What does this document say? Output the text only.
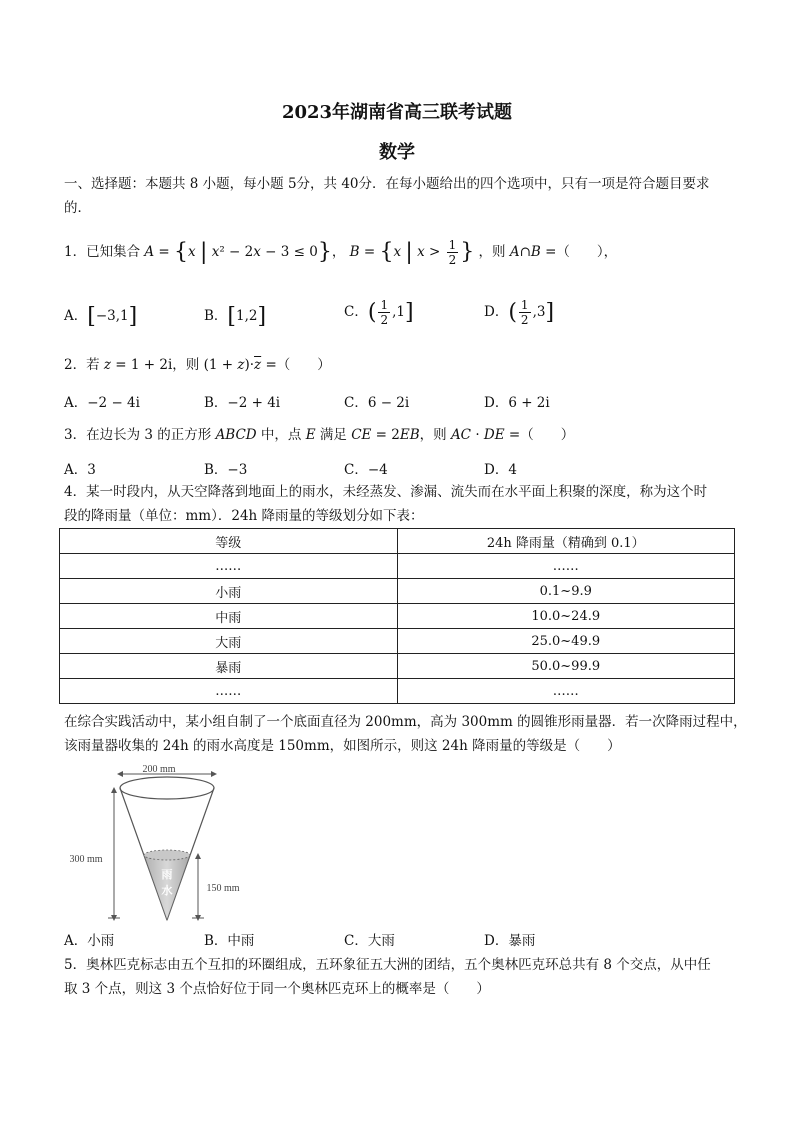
2023年湖南省高三联考试题
数学
一、选择题：本题共 8 小题，每小题 5分，共 40分．在每小题给出的四个选项中，只有一项是符合题目要求
的．
1．已知集合 A = {x | x² − 2x − 3 ≤ 0}， B = {x | $x > \frac{1}{2}$ } ，则 A∩B =（　　），
A．[−3,1]	B．[1,2]	C．( $\frac{1}{2} ,1$]	D．( $\frac{1}{2} ,3$]
2．若 z = 1 + 2i，则 $(1 + z)\cdot\overline{z}$ =（　　）
A．−2 − 4i	B．−2 + 4i	C．6 − 2i	D．6 + 2i
3．在边长为 3 的正方形 ABCD 中，点 E 满足 CE = 2EB，则 AC · DE =（　　）
A．3	B．−3	C．−4	D．4
4．某一时段内，从天空降落到地面上的雨水，未经蒸发、渗漏、流失而在水平面上积聚的深度，称为这个时
段的降雨量（单位：mm）．24h 降雨量的等级划分如下表：
等级	24h 降雨量（精确到 0.1）
……	……
小雨	0.1~9.9
中雨	10.0~24.9
大雨	25.0~49.9
暴雨	50.0~99.9
……	……
在综合实践活动中，某小组自制了一个底面直径为 200mm，高为 300mm 的圆锥形雨量器．若一次降雨过程中，
该雨量器收集的 24h 的雨水高度是 150mm，如图所示，则这 24h 降雨量的等级是（　　）
200 mm
雨
水
300 mm
150 mm
A．小雨	B．中雨	C．大雨	D．暴雨
5．奥林匹克标志由五个互扣的环圈组成，五环象征五大洲的团结，五个奥林匹克环总共有 8 个交点，从中任
取 3 个点，则这 3 个点恰好位于同一个奥林匹克环上的概率是（　　）
